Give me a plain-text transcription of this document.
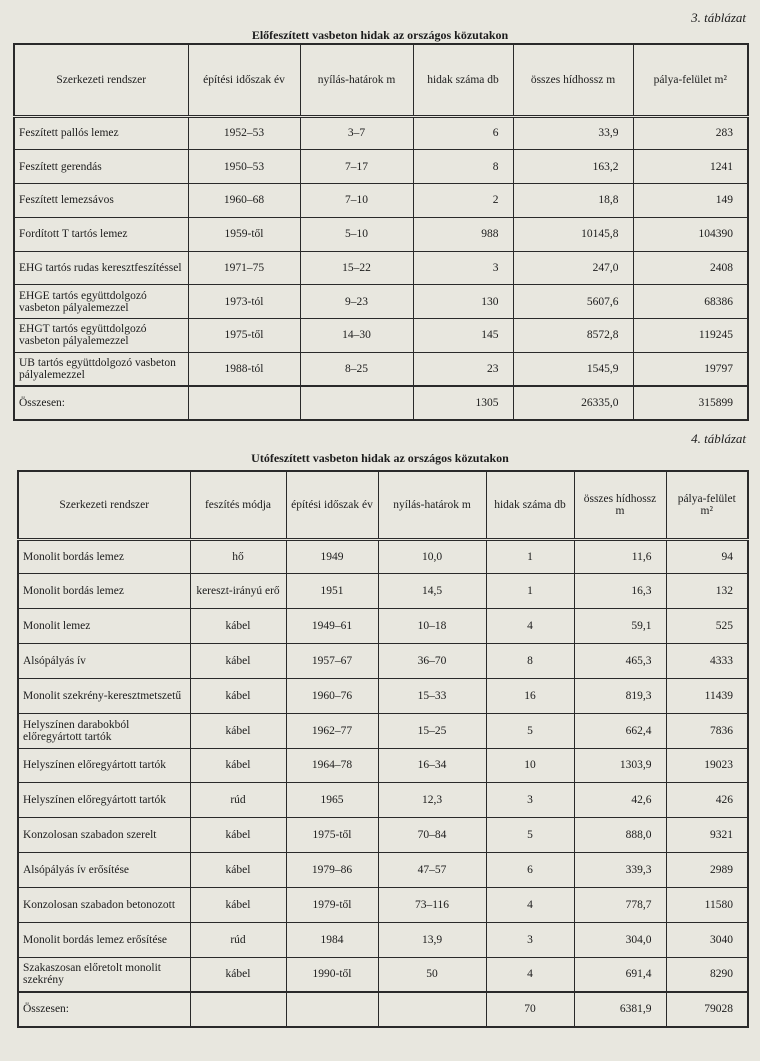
3. táblázat
Előfeszített vasbeton hidak az országos közutakon
Szerkezeti rendszer	építési időszak év	nyílás-határok m	hidak száma db	összes hídhossz m	pálya-felület m²
Feszített pallós lemez	1952–53	3–7	6	33,9	283
Feszített gerendás	1950–53	7–17	8	163,2	1241
Feszített lemezsávos	1960–68	7–10	2	18,8	149
Fordított T tartós lemez	1959-től	5–10	988	10145,8	104390
EHG tartós rudas keresztfeszítéssel	1971–75	15–22	3	247,0	2408
EHGE tartós együttdolgozó vasbeton pályalemezzel	1973-tól	9–23	130	5607,6	68386
EHGT tartós együttdolgozó vasbeton pályalemezzel	1975-től	14–30	145	8572,8	119245
UB tartós együttdolgozó vasbeton pályalemezzel	1988-tól	8–25	23	1545,9	19797
Összesen:			1305	26335,0	315899
4. táblázat
Utófeszített vasbeton hidak az országos közutakon
Szerkezeti rendszer	feszítés módja	építési időszak év	nyílás-határok m	hidak száma db	összes hídhossz m	pálya-felület m²
Monolit bordás lemez	hő	1949	10,0	1	11,6	94
Monolit bordás lemez	kereszt-irányú erő	1951	14,5	1	16,3	132
Monolit lemez	kábel	1949–61	10–18	4	59,1	525
Alsópályás ív	kábel	1957–67	36–70	8	465,3	4333
Monolit szekrény-keresztmetszetű	kábel	1960–76	15–33	16	819,3	11439
Helyszínen darabokból előregyártott tartók	kábel	1962–77	15–25	5	662,4	7836
Helyszínen előregyártott tartók	kábel	1964–78	16–34	10	1303,9	19023
Helyszínen előregyártott tartók	rúd	1965	12,3	3	42,6	426
Konzolosan szabadon szerelt	kábel	1975-től	70–84	5	888,0	9321
Alsópályás ív erősítése	kábel	1979–86	47–57	6	339,3	2989
Konzolosan szabadon betonozott	kábel	1979-től	73–116	4	778,7	11580
Monolit bordás lemez erősítése	rúd	1984	13,9	3	304,0	3040
Szakaszosan előretolt monolit szekrény	kábel	1990-től	50	4	691,4	8290
Összesen:				70	6381,9	79028
